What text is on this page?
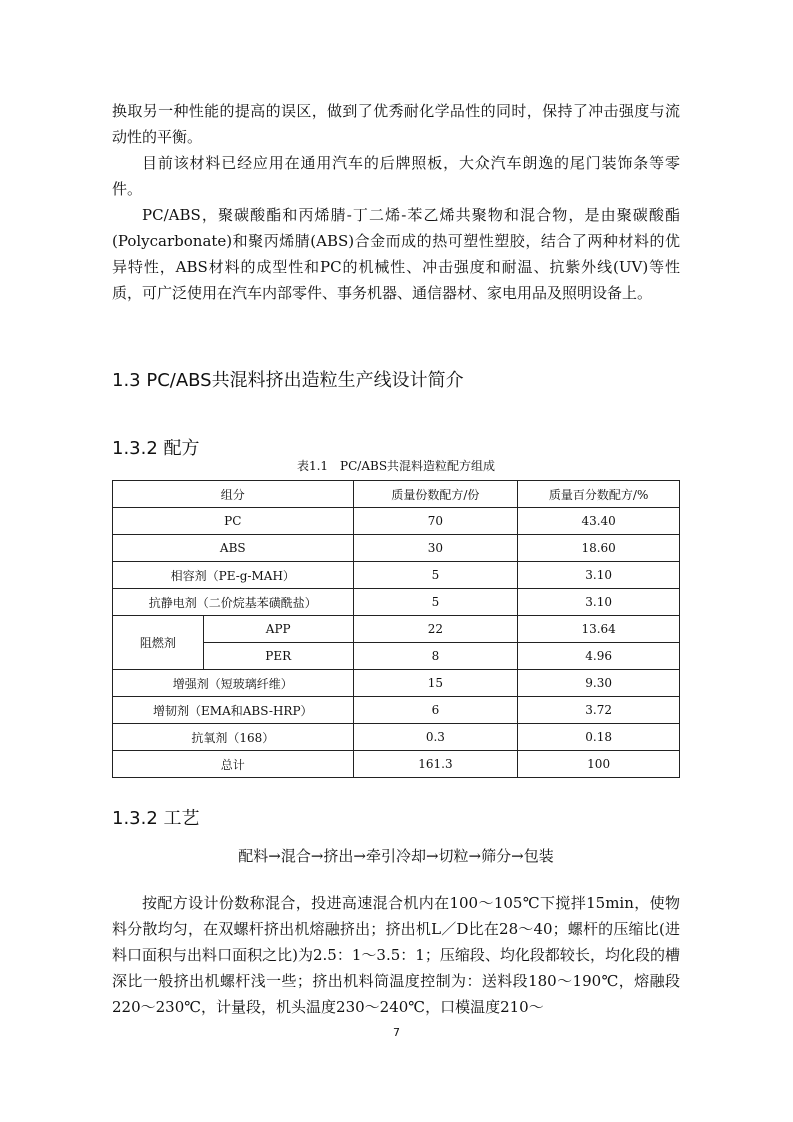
换取另一种性能的提高的误区，做到了优秀耐化学品性的同时，保持了冲击强度与流动性的平衡。

目前该材料已经应用在通用汽车的后牌照板，大众汽车朗逸的尾门装饰条等零件。

PC/ABS，聚碳酸酯和丙烯腈-丁二烯-苯乙烯共聚物和混合物，是由聚碳酸酯(Polycarbonate)和聚丙烯腈(ABS)合金而成的热可塑性塑胶，结合了两种材料的优异特性，ABS材料的成型性和PC的机械性、冲击强度和耐温、抗紫外线(UV)等性质，可广泛使用在汽车内部零件、事务机器、通信器材、家电用品及照明设备上。

1.3 PC/ABS共混料挤出造粒生产线设计简介
1.3.2 配方

表1.1　PC/ABS共混料造粒配方组成

组分		质量份数配方/份	质量百分数配方/%
PC		70	43.40
ABS		30	18.60
相容剂（PE-g-MAH）		5	3.10
抗静电剂（二价烷基苯磺酰盐）		5	3.10
阻燃剂	APP	22	13.64
	PER	8	4.96
增强剂（短玻璃纤维）		15	9.30
增韧剂（EMA和ABS-HRP）		6	3.72
抗氧剂（168）		0.3	0.18
总计		161.3	100
1.3.2 工艺

配料→混合→挤出→牵引冷却→切粒→筛分→包装

按配方设计份数称混合，投进高速混合机内在100～105℃下搅拌15min，使物料分散均匀，在双螺杆挤出机熔融挤出；挤出机L／D比在28～40；螺杆的压缩比(进料口面积与出料口面积之比)为2.5：1～3.5：1；压缩段、均化段都较长，均化段的槽深比一般挤出机螺杆浅一些；挤出机料筒温度控制为：送料段180～190℃，熔融段220～230℃，计量段，机头温度230～240℃，口模温度210～

7
